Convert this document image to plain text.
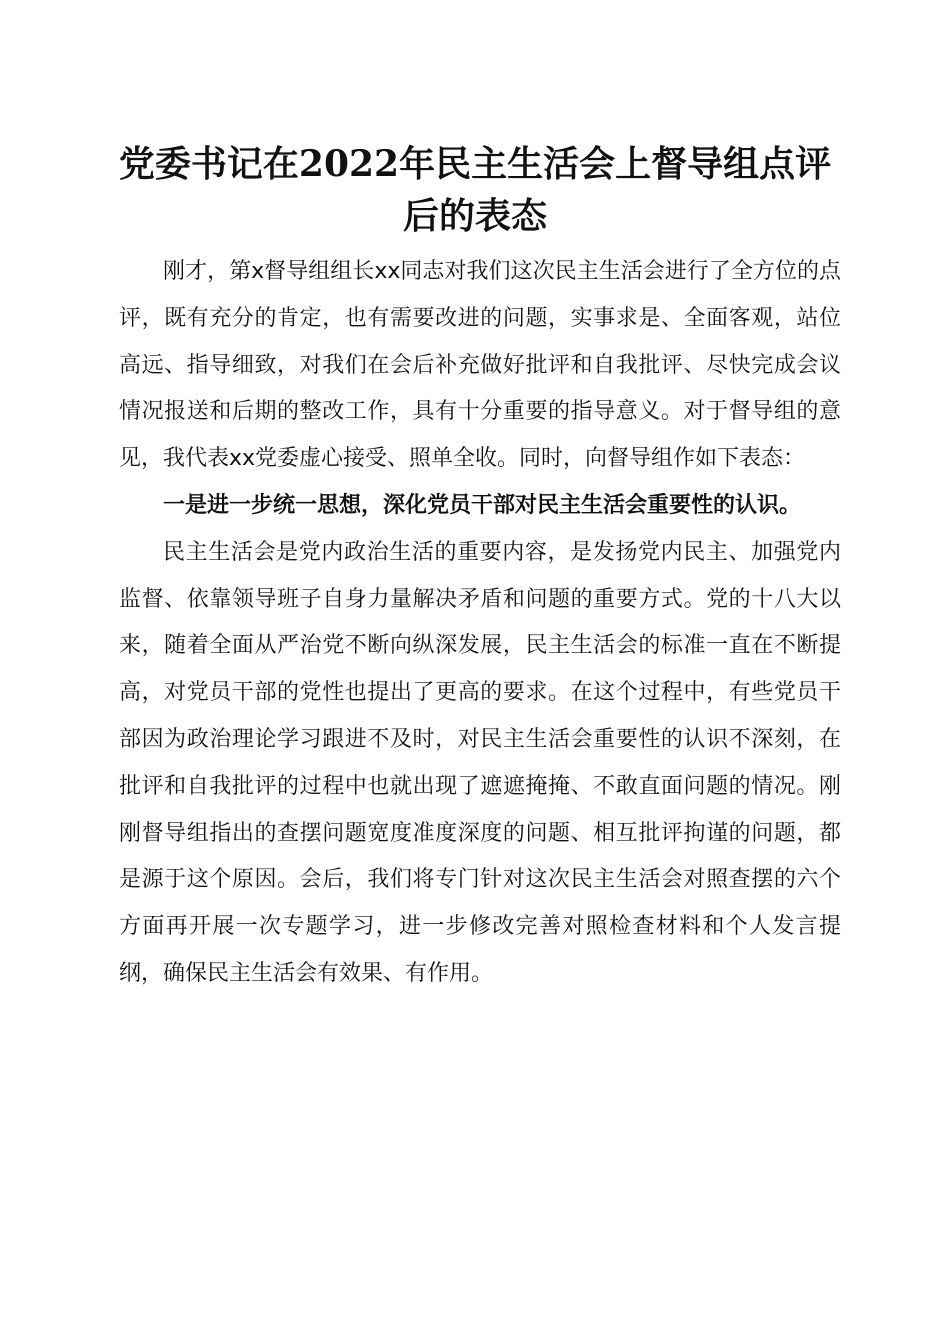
党委书记在2022年民主生活会上督导组点评
后的表态

刚才，第x督导组组长xx同志对我们这次民主生活会进行了全方位的点评，既有充分的肯定，也有需要改进的问题，实事求是、全面客观，站位高远、指导细致，对我们在会后补充做好批评和自我批评、尽快完成会议情况报送和后期的整改工作，具有十分重要的指导意义。对于督导组的意见，我代表xx党委虚心接受、照单全收。同时，向督导组作如下表态：

一是进一步统一思想，深化党员干部对民主生活会重要性的认识。

民主生活会是党内政治生活的重要内容，是发扬党内民主、加强党内监督、依靠领导班子自身力量解决矛盾和问题的重要方式。党的十八大以来，随着全面从严治党不断向纵深发展，民主生活会的标准一直在不断提高，对党员干部的党性也提出了更高的要求。在这个过程中，有些党员干部因为政治理论学习跟进不及时，对民主生活会重要性的认识不深刻，在批评和自我批评的过程中也就出现了遮遮掩掩、不敢直面问题的情况。刚刚督导组指出的查摆问题宽度准度深度的问题、相互批评拘谨的问题，都是源于这个原因。会后，我们将专门针对这次民主生活会对照查摆的六个方面再开展一次专题学习，进一步修改完善对照检查材料和个人发言提纲，确保民主生活会有效果、有作用。
